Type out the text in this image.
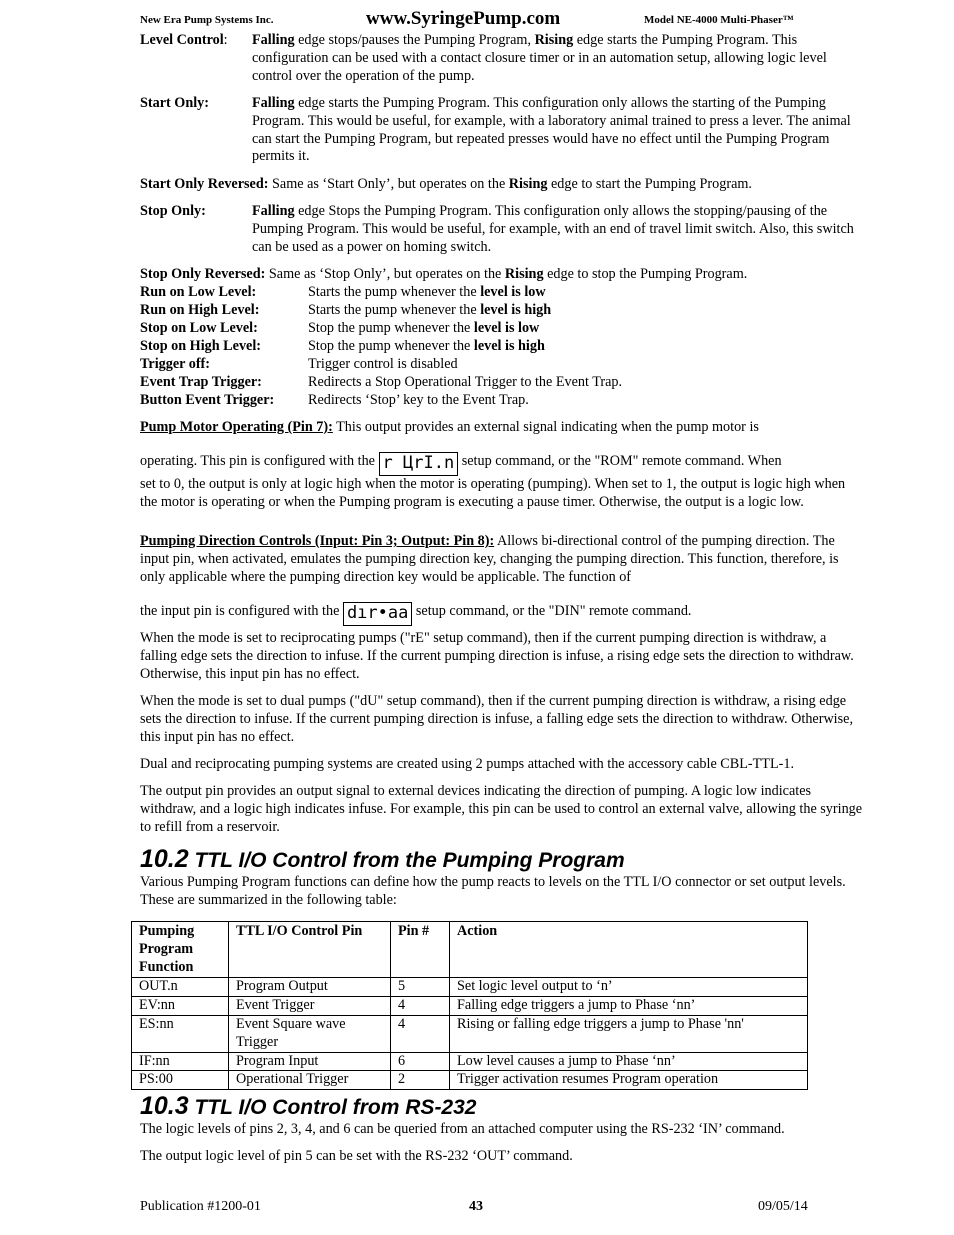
New Era Pump Systems Inc.	www.SyringePump.com	Model NE-4000 Multi-Phaser™
Level Control: Falling edge stops/pauses the Pumping Program, Rising edge starts the Pumping Program. This configuration can be used with a contact closure timer or in an automation setup, allowing logic level control over the operation of the pump.
Start Only:	Falling edge starts the Pumping Program. This configuration only allows the starting of the Pumping Program. This would be useful, for example, with a laboratory animal trained to press a lever. The animal can start the Pumping Program, but repeated presses would have no effect until the Pumping Program permits it.
Start Only Reversed: Same as ‘Start Only’, but operates on the Rising edge to start the Pumping Program.
Stop Only:	Falling edge Stops the Pumping Program. This configuration only allows the stopping/pausing of the Pumping Program. This would be useful, for example, with an end of travel limit switch. Also, this switch can be used as a power on homing switch.
Stop Only Reversed: Same as ‘Stop Only’, but operates on the Rising edge to stop the Pumping Program.
Run on Low Level:	Starts the pump whenever the level is low
Run on High Level:	Starts the pump whenever the level is high
Stop on Low Level:	Stop the pump whenever the level is low
Stop on High Level:	Stop the pump whenever the level is high
Trigger off:	Trigger control is disabled
Event Trap Trigger:	Redirects a Stop Operational Trigger to the Event Trap.
Button Event Trigger: Redirects ‘Stop’ key to the Event Trap.
Pump Motor Operating (Pin 7): This output provides an external signal indicating when the pump motor is
operating. This pin is configured with the r ЦrI.n setup command, or the "ROM" remote command. When
set to 0, the output is only at logic high when the motor is operating (pumping). When set to 1, the output is logic high when the motor is operating or when the Pumping program is executing a pause timer. Otherwise, the output is a logic low.
Pumping Direction Controls (Input: Pin 3; Output: Pin 8): Allows bi-directional control of the pumping direction. The input pin, when activated, emulates the pumping direction key, changing the pumping direction. This function, therefore, is only applicable where the pumping direction key would be applicable. The function of
the input pin is configured with the dır•aa setup command, or the "DIN" remote command.
When the mode is set to reciprocating pumps ("rE" setup command), then if the current pumping direction is withdraw, a falling edge sets the direction to infuse. If the current pumping direction is infuse, a rising edge sets the direction to withdraw. Otherwise, this input pin has no effect.
When the mode is set to dual pumps ("dU" setup command), then if the current pumping direction is withdraw, a rising edge sets the direction to infuse. If the current pumping direction is infuse, a falling edge sets the direction to withdraw. Otherwise, this input pin has no effect.
Dual and reciprocating pumping systems are created using 2 pumps attached with the accessory cable CBL-TTL-1.
The output pin provides an output signal to external devices indicating the direction of pumping. A logic low indicates withdraw, and a logic high indicates infuse. For example, this pin can be used to control an external valve, allowing the syringe to refill from a reservoir.
10.2 TTL I/O Control from the Pumping Program
Various Pumping Program functions can define how the pump reacts to levels on the TTL I/O connector or set output levels. These are summarized in the following table:
Pumping Program Function	TTL I/O Control Pin	Pin #	Action
OUT.n	Program Output	5	Set logic level output to ‘n’
EV:nn	Event Trigger	4	Falling edge triggers a jump to Phase ‘nn’
ES:nn	Event Square wave Trigger	4	Rising or falling edge triggers a jump to Phase 'nn'
IF:nn	Program Input	6	Low level causes a jump to Phase ‘nn’
PS:00	Operational Trigger	2	Trigger activation resumes Program operation
10.3 TTL I/O Control from RS-232
The logic levels of pins 2, 3, 4, and 6 can be queried from an attached computer using the RS-232 ‘IN’ command.
The output logic level of pin 5 can be set with the RS-232 ‘OUT’ command.
Publication #1200-01	43	09/05/14
